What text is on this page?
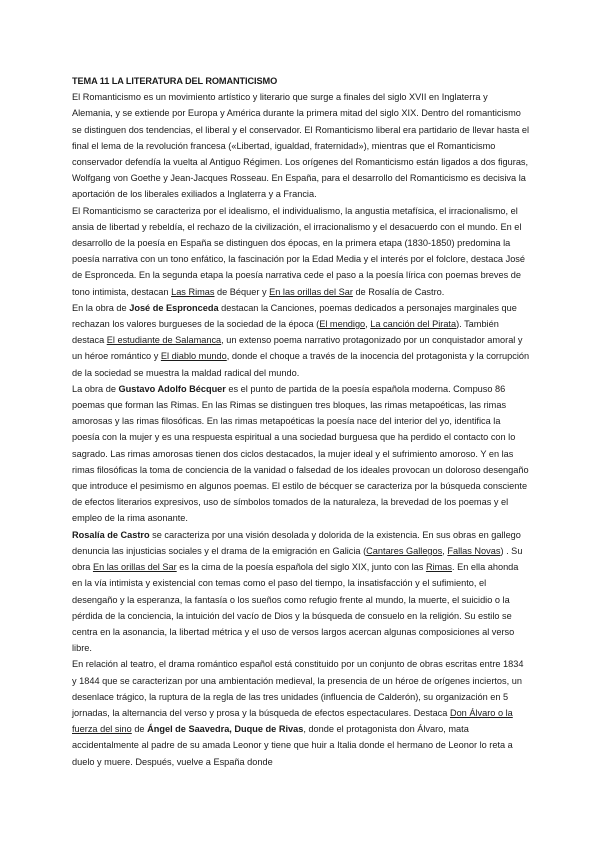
TEMA 11 LA LITERATURA DEL ROMANTICISMO

El Romanticismo es un movimiento artístico y literario que surge a finales del siglo XVII en Inglaterra y Alemania, y se extiende por Europa y América durante la primera mitad del siglo XIX. Dentro del romanticismo se distinguen dos tendencias, el liberal y el conservador. El Romanticismo liberal era partidario de llevar hasta el final el lema de la revolución francesa («Libertad, igualdad, fraternidad»), mientras que el Romanticismo conservador defendía la vuelta al Antiguo Régimen. Los orígenes del Romanticismo están ligados a dos figuras, Wolfgang von Goethe y Jean-Jacques Rosseau. En España, para el desarrollo del Romanticismo es decisiva la aportación de los liberales exiliados a Inglaterra y a Francia.

El Romanticismo se caracteriza por el idealismo, el individualismo, la angustia metafísica, el irracionalismo, el ansia de libertad y rebeldía, el rechazo de la civilización, el irracionalismo y el desacuerdo con el mundo. En el desarrollo de la poesía en España se distinguen dos épocas, en la primera etapa (1830-1850) predomina la poesía narrativa con un tono enfático, la fascinación por la Edad Media y el interés por el folclore, destaca José de Espronceda. En la segunda etapa la poesía narrativa cede el paso a la poesía lírica con poemas breves de tono intimista, destacan Las Rimas de Béquer y En las orillas del Sar de Rosalía de Castro.

En la obra de José de Espronceda destacan la Canciones, poemas dedicados a personajes marginales que rechazan los valores burgueses de la sociedad de la época (El mendigo, La canción del Pirata). También destaca El estudiante de Salamanca, un extenso poema narrativo protagonizado por un conquistador amoral y un héroe romántico y El diablo mundo, donde el choque a través de la inocencia del protagonista y la corrupción de la sociedad se muestra la maldad radical del mundo.

La obra de Gustavo Adolfo Bécquer es el punto de partida de la poesía española moderna. Compuso 86 poemas que forman las Rimas. En las Rimas se distinguen tres bloques, las rimas metapoéticas, las rimas amorosas y las rimas filosóficas. En las rimas metapoéticas la poesía nace del interior del yo, identifica la poesía con la mujer y es una respuesta espiritual a una sociedad burguesa que ha perdido el contacto con lo sagrado. Las rimas amorosas tienen dos ciclos destacados, la mujer ideal y el sufrimiento amoroso. Y en las rimas filosóficas la toma de conciencia de la vanidad o falsedad de los ideales provocan un doloroso desengaño que introduce el pesimismo en algunos poemas. El estilo de bécquer se caracteriza por la búsqueda consciente de efectos literarios expresivos, uso de símbolos tomados de la naturaleza, la brevedad de los poemas y el empleo de la rima asonante.

Rosalía de Castro se caracteriza por una visión desolada y dolorida de la existencia. En sus obras en gallego denuncia las injusticias sociales y el drama de la emigración en Galicia (Cantares Gallegos, Fallas Novas) . Su obra En las orillas del Sar es la cima de la poesía española del siglo XIX, junto con las Rimas. En ella ahonda en la vía intimista y existencial con temas como el paso del tiempo, la insatisfacción y el sufimiento, el desengaño y la esperanza, la fantasía o los sueños como refugio frente al mundo, la muerte, el suicidio o la pérdida de la conciencia, la intuición del vacío de Dios y la búsqueda de consuelo en la religión. Su estilo se centra en la asonancia, la libertad métrica y el uso de versos largos acercan algunas composiciones al verso libre.

En relación al teatro, el drama romántico español está constituido por un conjunto de obras escritas entre 1834 y 1844 que se caracterizan por una ambientación medieval, la presencia de un héroe de orígenes inciertos, un desenlace trágico, la ruptura de la regla de las tres unidades (influencia de Calderón), su organización en 5 jornadas, la alternancia del verso y prosa y la búsqueda de efectos espectaculares. Destaca Don Álvaro o la fuerza del sino de Ángel de Saavedra, Duque de Rivas, donde el protagonista don Álvaro, mata accidentalmente al padre de su amada Leonor y tiene que huir a Italia donde el hermano de Leonor lo reta a duelo y muere. Después, vuelve a España donde
